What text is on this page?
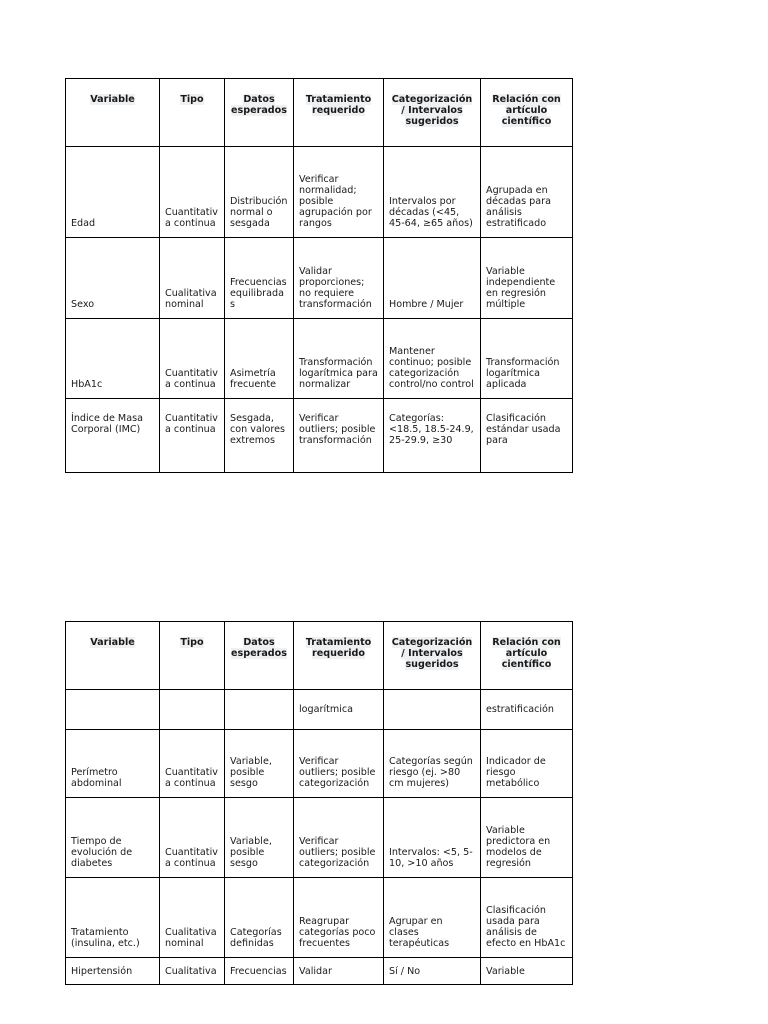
Variable	Tipo	Datos esperados	Tratamiento requerido	Categorización / Intervalos sugeridos	Relación con artículo científico
Edad	Cuantitativa continua	Distribución normal o sesgada	Verificar normalidad; posible agrupación por rangos	Intervalos por décadas (<45, 45-64, ≥65 años)	Agrupada en décadas para análisis estratificado
Sexo	Cualitativa nominal	Frecuencias equilibradas	Validar proporciones; no requiere transformación	Hombre / Mujer	Variable independiente en regresión múltiple
HbA1c	Cuantitativa continua	Asimetría frecuente	Transformación logarítmica para normalizar	Mantener continuo; posible categorización control/no control	Transformación logarítmica aplicada
Índice de Masa Corporal (IMC)	Cuantitativa continua	Sesgada, con valores extremos	Verificar outliers; posible transformación	Categorías: <18.5, 18.5-24.9, 25-29.9, ≥30	Clasificación estándar usada para
Variable	Tipo	Datos esperados	Tratamiento requerido	Categorización / Intervalos sugeridos	Relación con artículo científico
			logarítmica		estratificación
Perímetro abdominal	Cuantitativa continua	Variable, posible sesgo	Verificar outliers; posible categorización	Categorías según riesgo (ej. >80 cm mujeres)	Indicador de riesgo metabólico
Tiempo de evolución de diabetes	Cuantitativa continua	Variable, posible sesgo	Verificar outliers; posible categorización	Intervalos: <5, 5-10, >10 años	Variable predictora en modelos de regresión
Tratamiento (insulina, etc.)	Cualitativa nominal	Categorías definidas	Reagrupar categorías poco frecuentes	Agrupar en clases terapéuticas	Clasificación usada para análisis de efecto en HbA1c
Hipertensión	Cualitativa	Frecuencias	Validar	Sí / No	Variable
